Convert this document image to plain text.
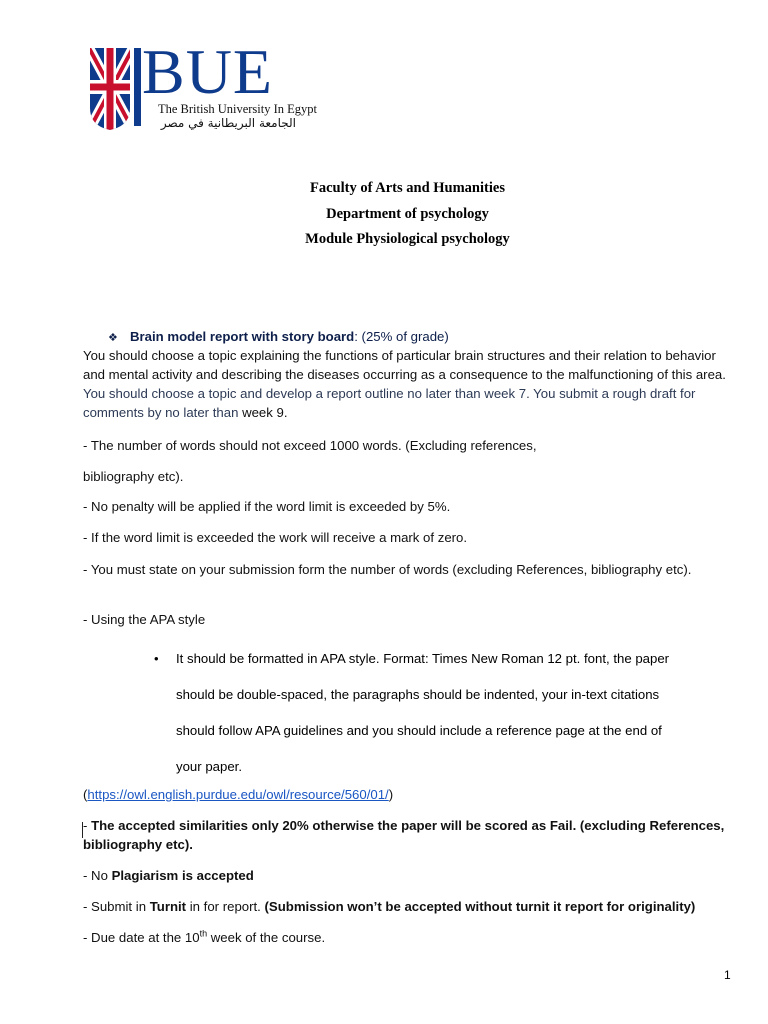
BUE
The British University In Egypt
الجامعة البريطانية في مصر
Faculty of Arts and Humanities
Department of psychology
Module Physiological psychology
❖ Brain model report with story board: (25% of grade)
You should choose a topic explaining the functions of particular brain structures and their relation to behavior and mental activity and describing the diseases occurring as a consequence to the malfunctioning of this area. You should choose a topic and develop a report outline no later than week 7. You submit a rough draft for comments by no later than week 9.
- The number of words should not exceed 1000 words. (Excluding references,
bibliography etc).
- No penalty will be applied if the word limit is exceeded by 5%.
- If the word limit is exceeded the work will receive a mark of zero.
- You must state on your submission form the number of words (excluding References, bibliography etc).
- Using the APA style
• It should be formatted in APA style. Format: Times New Roman 12 pt. font, the paper
should be double-spaced, the paragraphs should be indented, your in-text citations
should follow APA guidelines and you should include a reference page at the end of
your paper.
(https://owl.english.purdue.edu/owl/resource/560/01/)
- The accepted similarities only 20% otherwise the paper will be scored as Fail. (excluding References, bibliography etc).
- No Plagiarism is accepted
- Submit in Turnit in for report. (Submission won’t be accepted without turnit it report for originality)
- Due date at the 10th week of the course.
1
